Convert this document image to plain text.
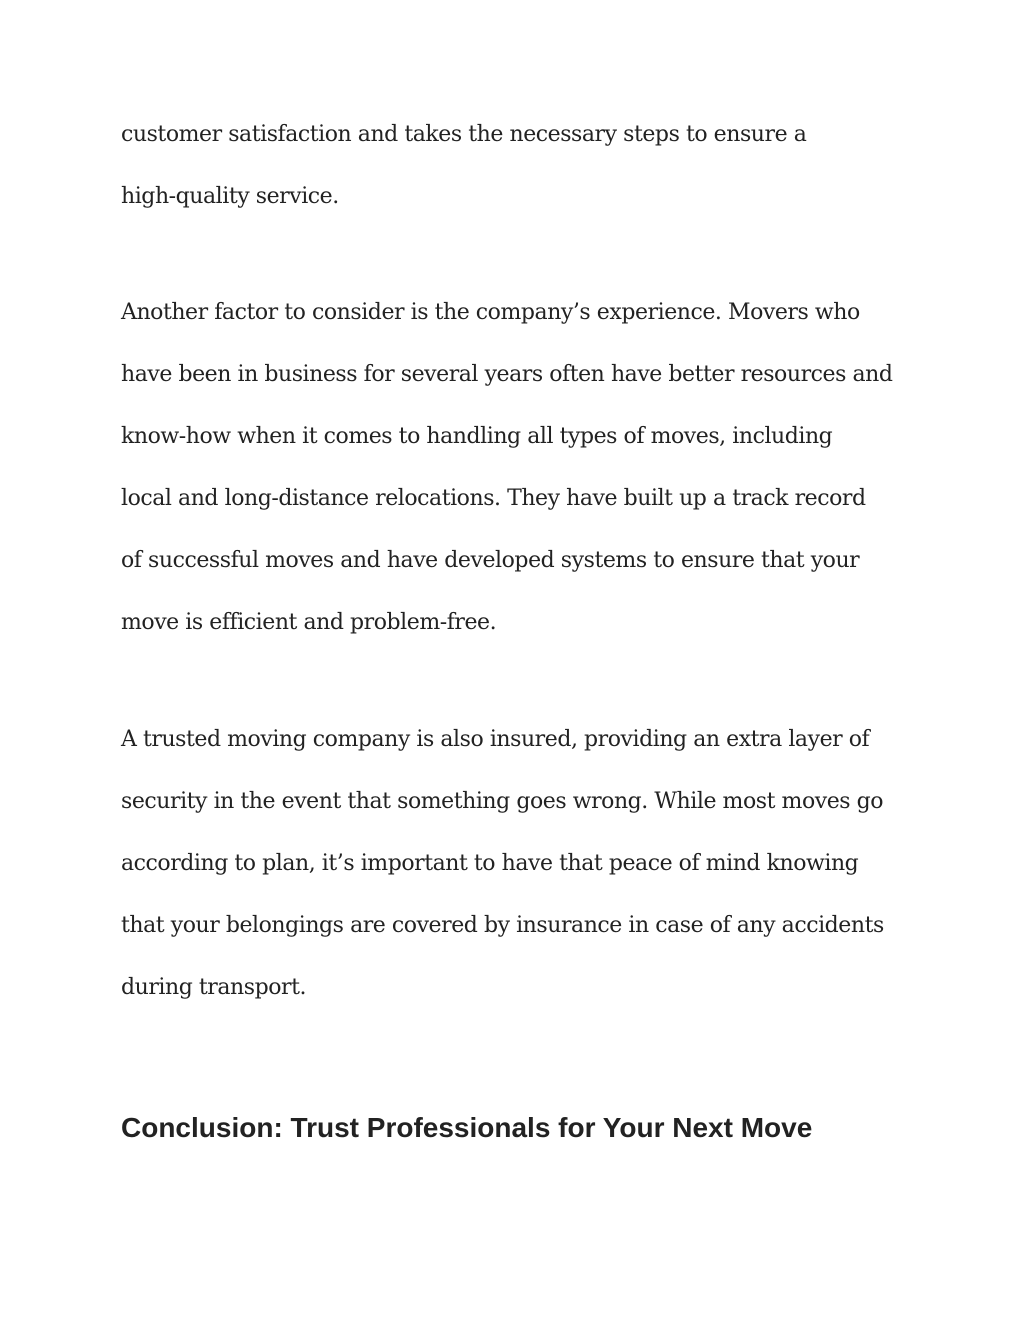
customer satisfaction and takes the necessary steps to ensure a

high-quality service.

Another factor to consider is the company’s experience. Movers who

have been in business for several years often have better resources and

know-how when it comes to handling all types of moves, including

local and long-distance relocations. They have built up a track record

of successful moves and have developed systems to ensure that your

move is efficient and problem-free.

A trusted moving company is also insured, providing an extra layer of

security in the event that something goes wrong. While most moves go

according to plan, it’s important to have that peace of mind knowing

that your belongings are covered by insurance in case of any accidents

during transport.

Conclusion: Trust Professionals for Your Next Move
